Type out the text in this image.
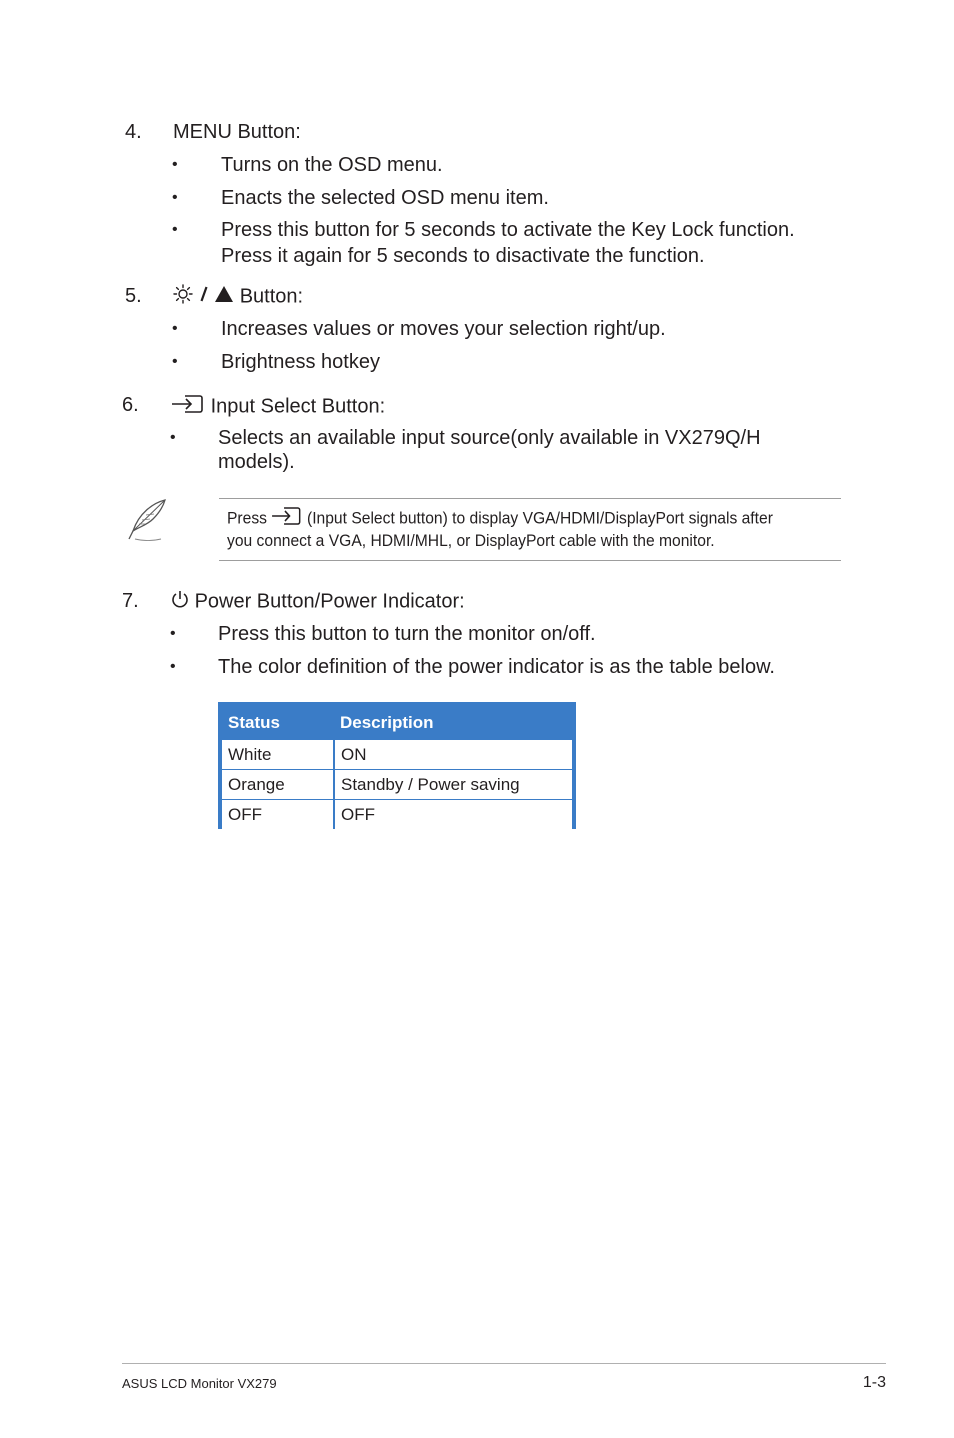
4. MENU Button:
• Turns on the OSD menu.
• Enacts the selected OSD menu item.
• Press this button for 5 seconds to activate the Key Lock function.
Press it again for 5 seconds to disactivate the function.
5.	Button:
• Increases values or moves your selection right/up.
• Brightness hotkey
6.	Input Select Button:
• Selects an available input source(only available in VX279Q/H
models).
Press (Input Select button) to display VGA/HDMI/DisplayPort signals after
you connect a VGA, HDMI/MHL, or DisplayPort cable with the monitor.
7.	Power Button/Power Indicator:
• Press this button to turn the monitor on/off.
• The color definition of the power indicator is as the table below.
Status	Description
White	ON
Orange	Standby / Power saving
OFF	OFF
ASUS LCD Monitor VX279	1-3
